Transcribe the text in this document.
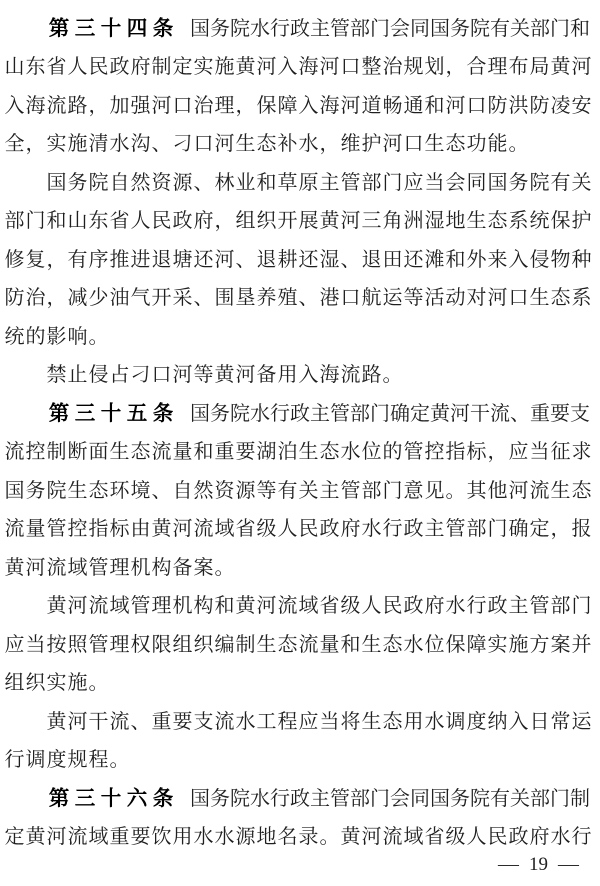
第 三 十 四 条 国 务 院 水 行 政 主 管 部 门 会 同 国 务 院 有 关 部 门 和
山 东 省 人 民 政 府 制 定 实 施 黄 河 入 海 河 口 整 治 规 划 ， 合 理 布 局 黄 河
入 海 流 路 ， 加 强 河 口 治 理 ， 保 障 入 海 河 道 畅 通 和 河 口 防 洪 防 凌 安
全 ， 实 施 清 水 沟 、 刁 口 河 生 态 补 水 ， 维 护 河 口 生 态 功 能 。
国 务 院 自 然 资 源 、 林 业 和 草 原 主 管 部 门 应 当 会 同 国 务 院 有 关
部 门 和 山 东 省 人 民 政 府 ， 组 织 开 展 黄 河 三 角 洲 湿 地 生 态 系 统 保 护
修 复 ， 有 序 推 进 退 塘 还 河 、 退 耕 还 湿 、 退 田 还 滩 和 外 来 入 侵 物 种
防 治 ， 减 少 油 气 开 采 、 围 垦 养 殖 、 港 口 航 运 等 活 动 对 河 口 生 态 系
统 的 影 响 。
禁 止 侵 占 刁 口 河 等 黄 河 备 用 入 海 流 路 。
第 三 十 五 条 国 务 院 水 行 政 主 管 部 门 确 定 黄 河 干 流 、 重 要 支
流 控 制 断 面 生 态 流 量 和 重 要 湖 泊 生 态 水 位 的 管 控 指 标 ， 应 当 征 求
国 务 院 生 态 环 境 、 自 然 资 源 等 有 关 主 管 部 门 意 见 。 其 他 河 流 生 态
流 量 管 控 指 标 由 黄 河 流 域 省 级 人 民 政 府 水 行 政 主 管 部 门 确 定 ， 报
黄 河 流 域 管 理 机 构 备 案 。
黄 河 流 域 管 理 机 构 和 黄 河 流 域 省 级 人 民 政 府 水 行 政 主 管 部 门
应 当 按 照 管 理 权 限 组 织 编 制 生 态 流 量 和 生 态 水 位 保 障 实 施 方 案 并
组 织 实 施 。
黄 河 干 流 、 重 要 支 流 水 工 程 应 当 将 生 态 用 水 调 度 纳 入 日 常 运
行 调 度 规 程 。
第 三 十 六 条 国 务 院 水 行 政 主 管 部 门 会 同 国 务 院 有 关 部 门 制
定 黄 河 流 域 重 要 饮 用 水 水 源 地 名 录 。 黄 河 流 域 省 级 人 民 政 府 水 行
— 19 —
